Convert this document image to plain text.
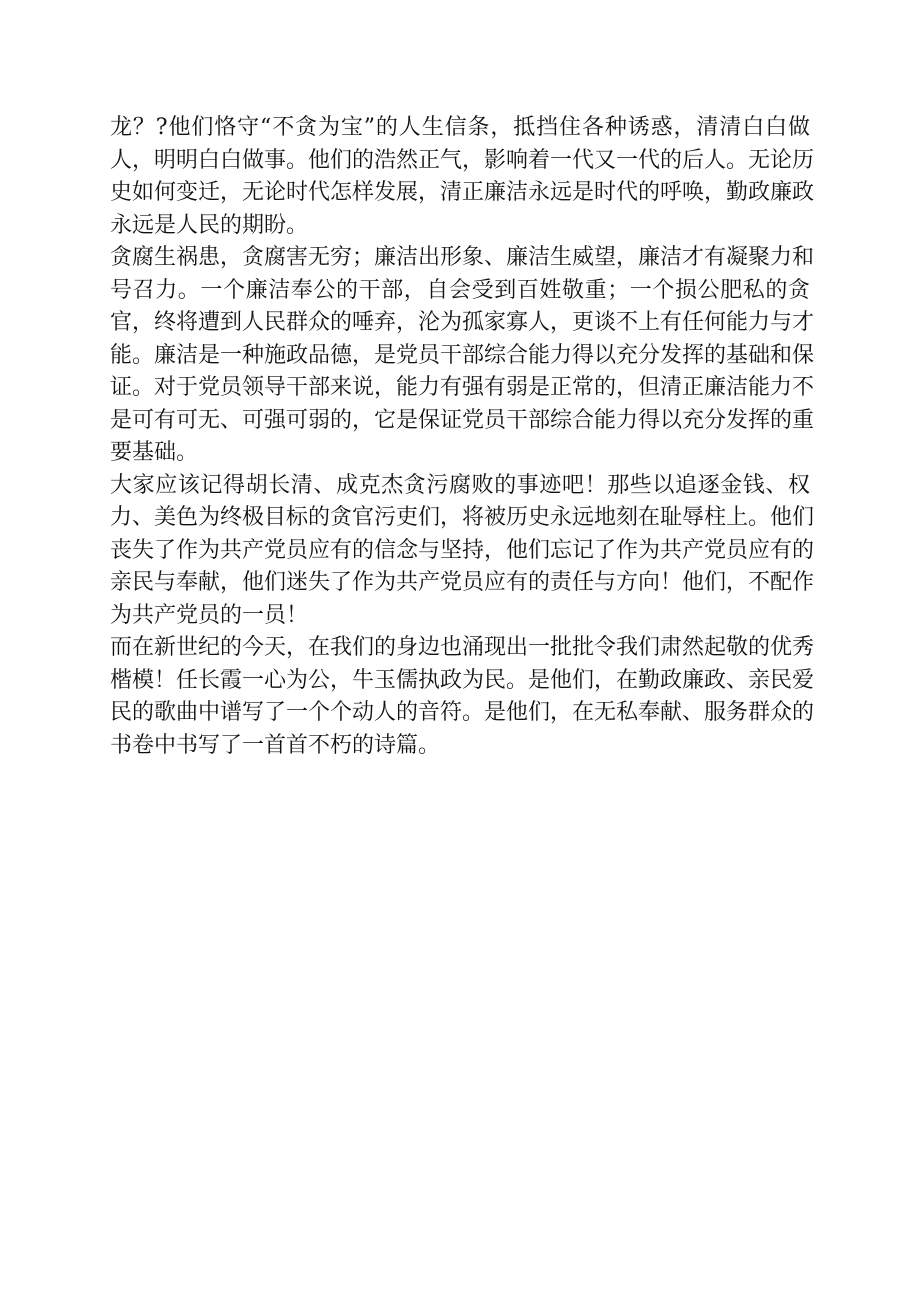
龙？?他们恪守“不贪为宝”的人生信条，抵挡住各种诱惑，清清白白做
人，明明白白做事。他们的浩然正气，影响着一代又一代的后人。无论历
史如何变迁，无论时代怎样发展，清正廉洁永远是时代的呼唤，勤政廉政
永远是人民的期盼。
贪腐生祸患，贪腐害无穷；廉洁出形象、廉洁生威望，廉洁才有凝聚力和
号召力。一个廉洁奉公的干部，自会受到百姓敬重；一个损公肥私的贪
官，终将遭到人民群众的唾弃，沦为孤家寡人，更谈不上有任何能力与才
能。廉洁是一种施政品德，是党员干部综合能力得以充分发挥的基础和保
证。对于党员领导干部来说，能力有强有弱是正常的，但清正廉洁能力不
是可有可无、可强可弱的，它是保证党员干部综合能力得以充分发挥的重
要基础。
大家应该记得胡长清、成克杰贪污腐败的事迹吧！那些以追逐金钱、权
力、美色为终极目标的贪官污吏们，将被历史永远地刻在耻辱柱上。他们
丧失了作为共产党员应有的信念与坚持，他们忘记了作为共产党员应有的
亲民与奉献，他们迷失了作为共产党员应有的责任与方向！他们，不配作
为共产党员的一员！
而在新世纪的今天，在我们的身边也涌现出一批批令我们肃然起敬的优秀
楷模！任长霞一心为公，牛玉儒执政为民。是他们，在勤政廉政、亲民爱
民的歌曲中谱写了一个个动人的音符。是他们，在无私奉献、服务群众的
书卷中书写了一首首不朽的诗篇。
